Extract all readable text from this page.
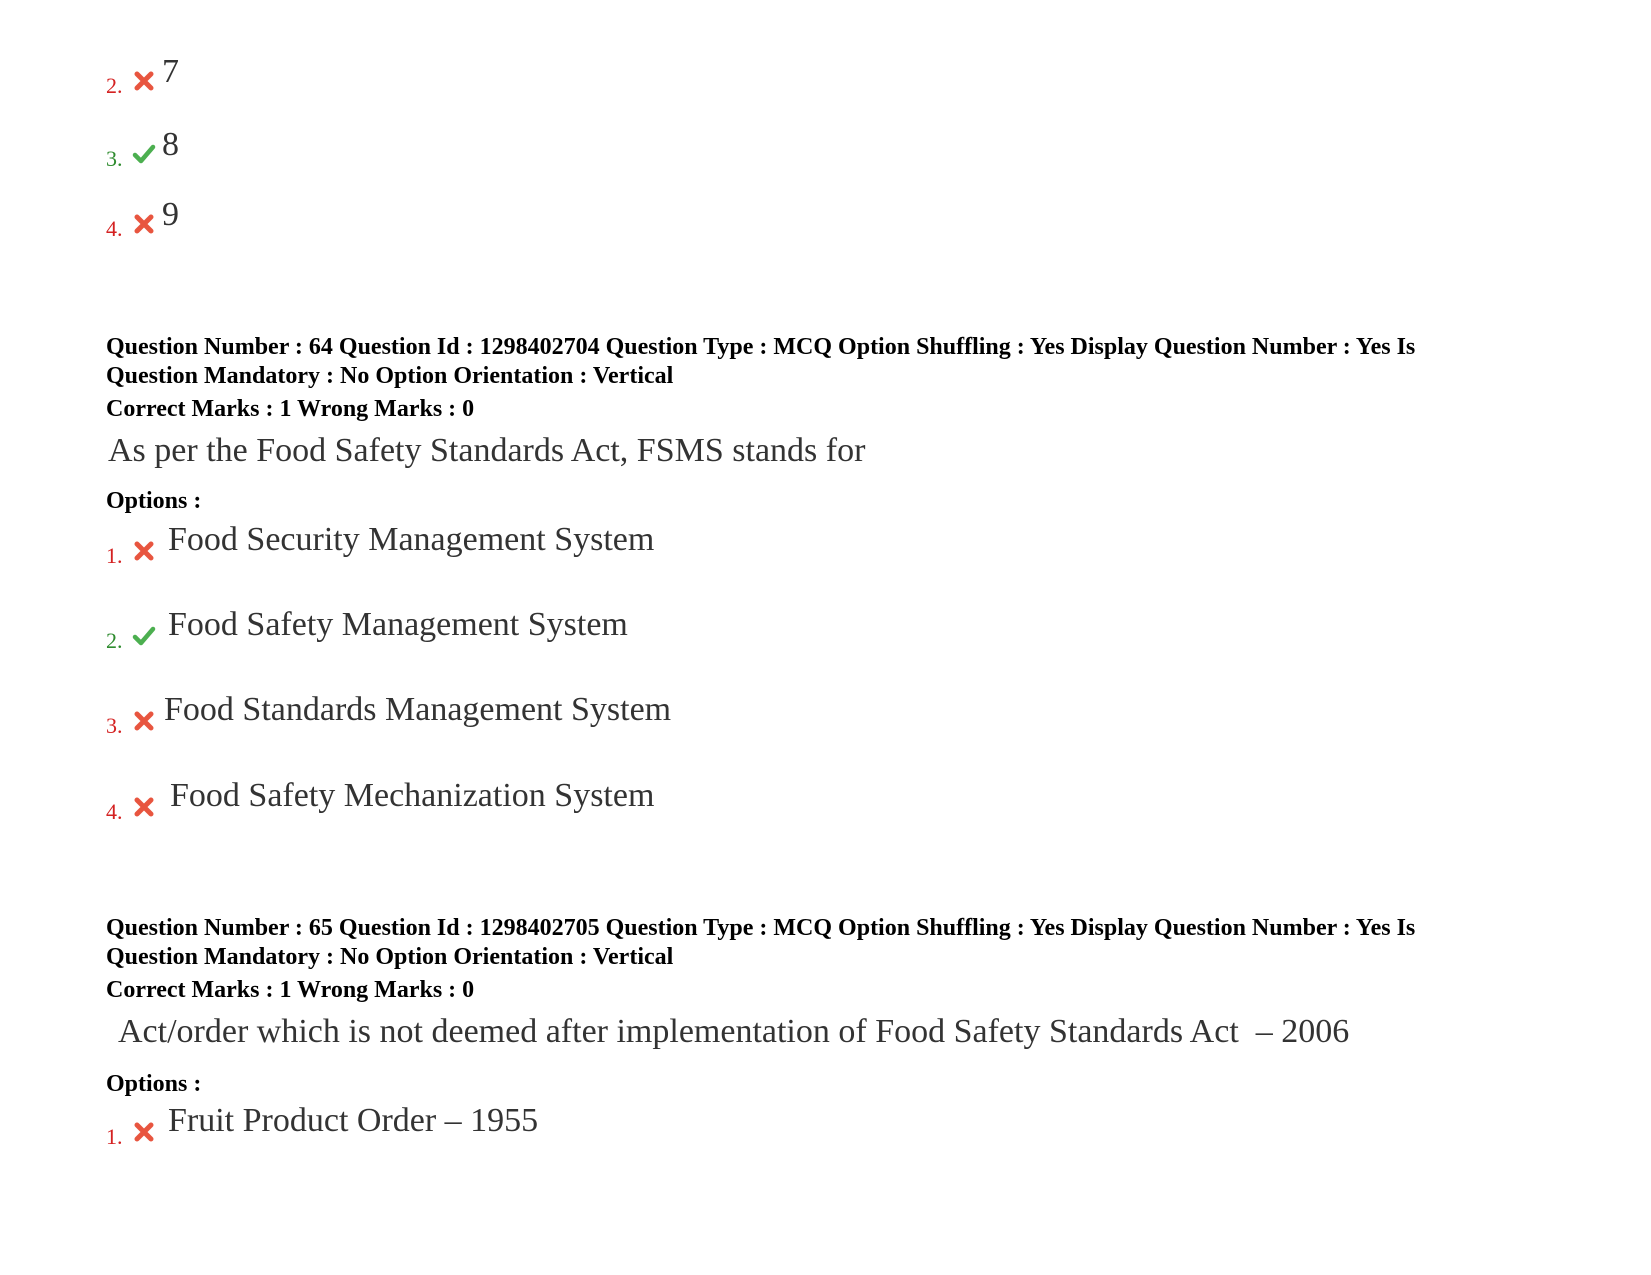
2. 7
3. 8
4. 9
Question Number : 64 Question Id : 1298402704 Question Type : MCQ Option Shuffling : Yes Display Question Number : Yes Is
Question Mandatory : No Option Orientation : Vertical
Correct Marks : 1 Wrong Marks : 0
As per the Food Safety Standards Act, FSMS stands for
Options :
1. Food Security Management System
2. Food Safety Management System
3. Food Standards Management System
4. Food Safety Mechanization System
Question Number : 65 Question Id : 1298402705 Question Type : MCQ Option Shuffling : Yes Display Question Number : Yes Is
Question Mandatory : No Option Orientation : Vertical
Correct Marks : 1 Wrong Marks : 0
Act/order which is not deemed after implementation of Food Safety Standards Act  – 2006
Options :
1. Fruit Product Order – 1955
